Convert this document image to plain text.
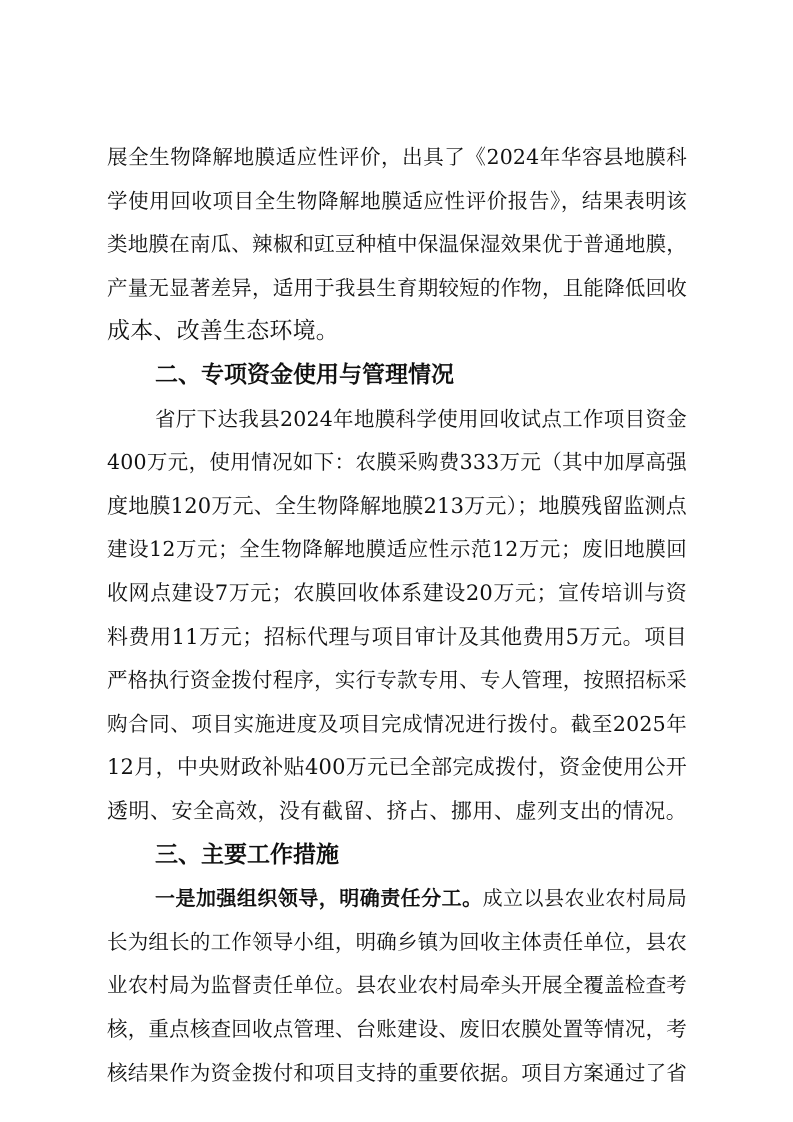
展全生物降解地膜适应性评价，出具了《2024年华容县地膜科
学使用回收项目全生物降解地膜适应性评价报告》，结果表明该
类地膜在南瓜、辣椒和豇豆种植中保温保湿效果优于普通地膜，
产量无显著差异，适用于我县生育期较短的作物，且能降低回收
成本、改善生态环境。
二、专项资金使用与管理情况
省厅下达我县2024年地膜科学使用回收试点工作项目资金
400万元，使用情况如下：农膜采购费333万元（其中加厚高强
度地膜120万元、全生物降解地膜213万元）；地膜残留监测点
建设12万元；全生物降解地膜适应性示范12万元；废旧地膜回
收网点建设7万元；农膜回收体系建设20万元；宣传培训与资
料费用11万元；招标代理与项目审计及其他费用5万元。项目
严格执行资金拨付程序，实行专款专用、专人管理，按照招标采
购合同、项目实施进度及项目完成情况进行拨付。截至2025年
12月，中央财政补贴400万元已全部完成拨付，资金使用公开
透明、安全高效，没有截留、挤占、挪用、虚列支出的情况。
三、主要工作措施
一是加强组织领导，明确责任分工。成立以县农业农村局局
长为组长的工作领导小组，明确乡镇为回收主体责任单位，县农
业农村局为监督责任单位。县农业农村局牵头开展全覆盖检查考
核，重点核查回收点管理、台账建设、废旧农膜处置等情况，考
核结果作为资金拨付和项目支持的重要依据。项目方案通过了省
